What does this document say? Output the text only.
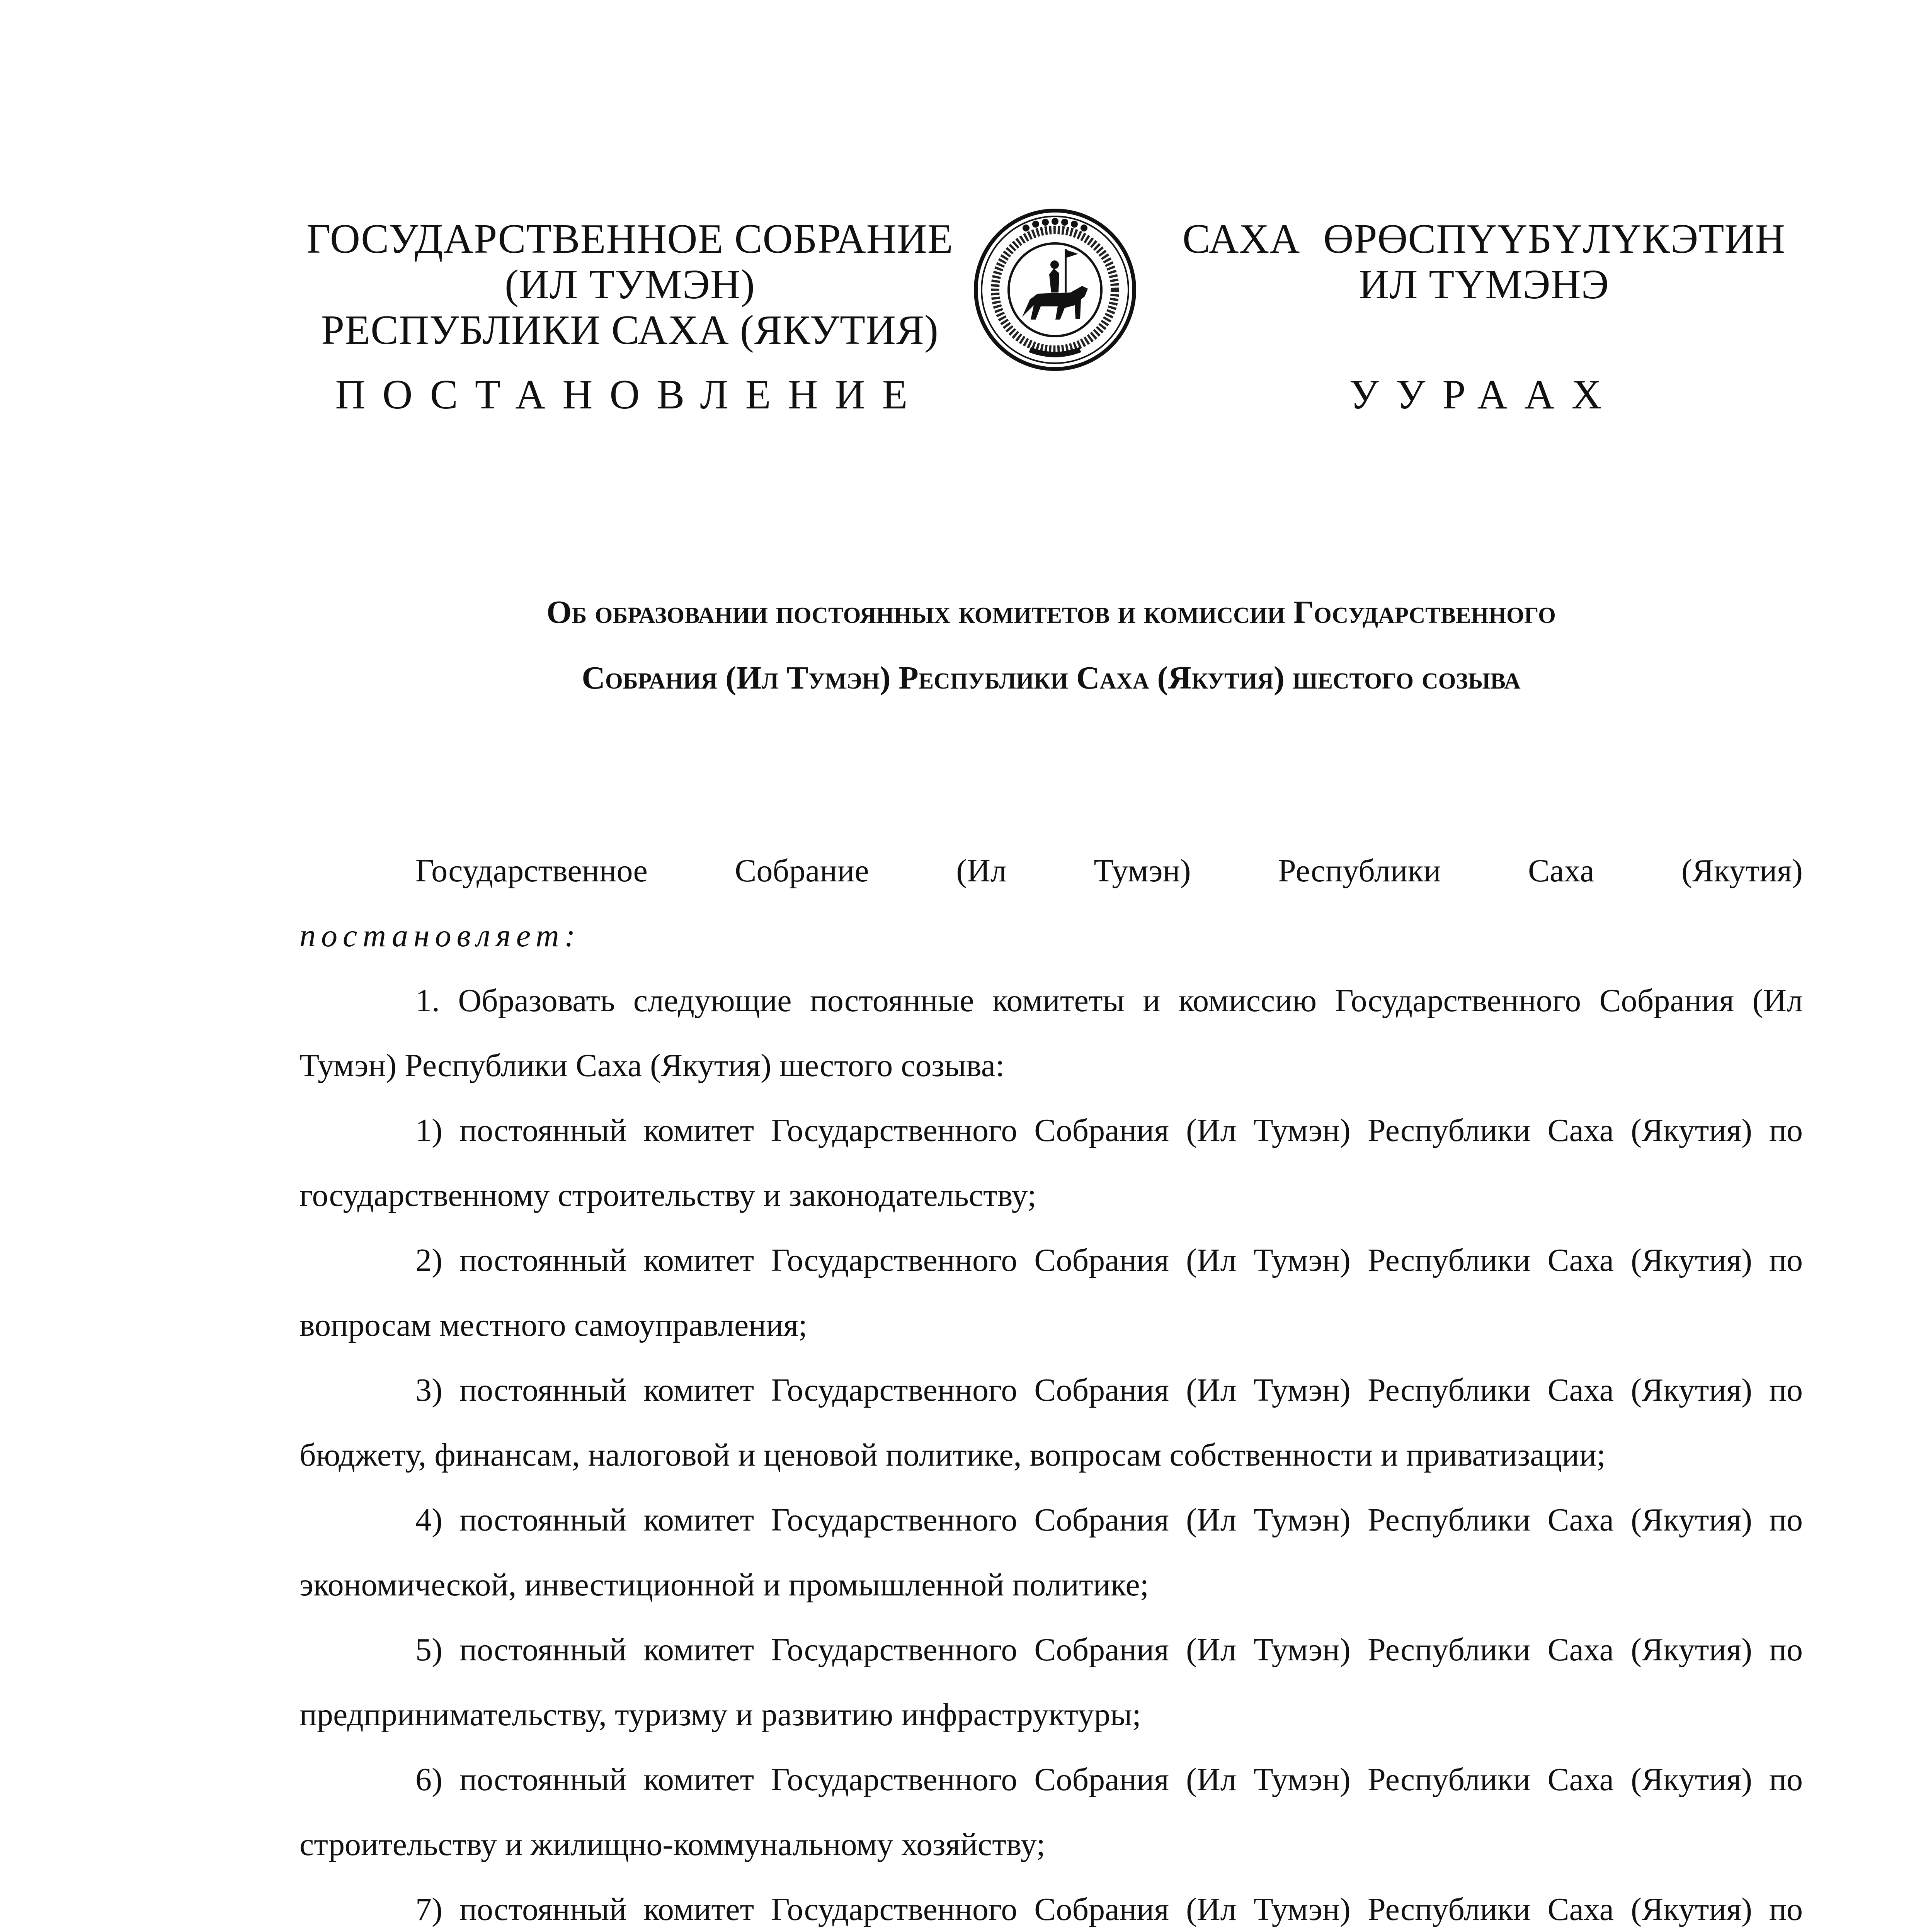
ГОСУДАРСТВЕННОЕ СОБРАНИЕ
(ИЛ ТУМЭН)
РЕСПУБЛИКИ САХА (ЯКУТИЯ)
САХА ӨРӨСПҮҮБҮЛҮКЭТИН
ИЛ ТҮМЭНЭ
ПОСТАНОВЛЕНИЕ	УУРААХ
Об образовании постоянных комитетов и комиссии Государственного
Собрания (Ил Тумэн) Республики Саха (Якутия) шестого созыва
Государственное	Собрание	(Ил	Тумэн)	Республики	Саха	(Якутия)

постановляет:

1. Образовать следующие постоянные комитеты и комиссию Государственного Собрания (Ил Тумэн) Республики Саха (Якутия) шестого созыва:

1) постоянный комитет Государственного Собрания (Ил Тумэн) Республики Саха (Якутия) по государственному строительству и законодательству;

2) постоянный комитет Государственного Собрания (Ил Тумэн) Республики Саха (Якутия) по вопросам местного самоуправления;

3) постоянный комитет Государственного Собрания (Ил Тумэн) Республики Саха (Якутия) по бюджету, финансам, налоговой и ценовой политике, вопросам собственности и приватизации;

4) постоянный комитет Государственного Собрания (Ил Тумэн) Республики Саха (Якутия) по экономической, инвестиционной и промышленной политике;

5) постоянный комитет Государственного Собрания (Ил Тумэн) Республики Саха (Якутия) по предпринимательству, туризму и развитию инфраструктуры;

6) постоянный комитет Государственного Собрания (Ил Тумэн) Республики Саха (Якутия) по строительству и жилищно-коммунальному хозяйству;

7) постоянный комитет Государственного Собрания (Ил Тумэн) Республики Саха (Якутия) по
